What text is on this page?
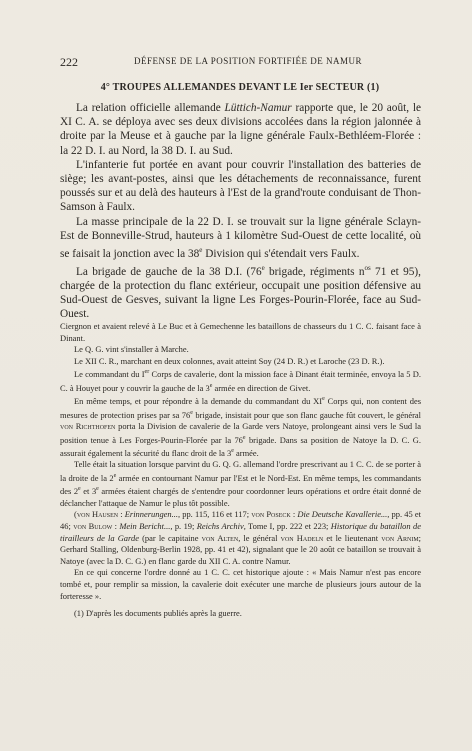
222	DÉFENSE DE LA POSITION FORTIFIÉE DE NAMUR
4° TROUPES ALLEMANDES DEVANT LE Ier SECTEUR (1)

La relation officielle allemande Lüttich-Namur rapporte que, le 20 août, le XI C. A. se déploya avec ses deux divisions accolées dans la région jalonnée à droite par la Meuse et à gauche par la ligne générale Faulx-Bethléem-Florée : la 22 D. I. au Nord, la 38 D. I. au Sud.

L'infanterie fut portée en avant pour couvrir l'installation des batteries de siège; les avant-postes, ainsi que les détachements de reconnaissance, furent poussés sur et au delà des hauteurs à l'Est de la grand'route conduisant de Thon-Samson à Faulx.

La masse principale de la 22 D. I. se trouvait sur la ligne générale Sclayn-Est de Bonneville-Strud, hauteurs à 1 kilomètre Sud-Ouest de cette localité, où se faisait la jonction avec la 38e Division qui s'étendait vers Faulx.

La brigade de gauche de la 38 D.I. (76e brigade, régiments $n^{os}$ 71 et 95), chargée de la protection du flanc extérieur, occupait une position défensive au Sud-Ouest de Gesves, suivant la ligne Les Forges-Pourin-Florée, face au Sud-Ouest.

Ciergnon et avaient relevé à Le Buc et à Gemechenne les bataillons de chasseurs du 1 C. C. faisant face à Dinant.

Le Q. G. vint s'installer à Marche.

Le XII C. R., marchant en deux colonnes, avait atteint Soy (24 D. R.) et Laroche (23 D. R.).

Le commandant du Ier Corps de cavalerie, dont la mission face à Dinant était terminée, envoya la 5 D. C. à Houyet pour y couvrir la gauche de la 3e armée en direction de Givet.

En même temps, et pour répondre à la demande du commandant du XIe Corps qui, non content des mesures de protection prises par sa 76e brigade, insistait pour que son flanc gauche fût couvert, le général von Richthofen porta la Division de cavalerie de la Garde vers Natoye, prolongeant ainsi vers le Sud la position tenue à Les Forges-Pourin-Florée par la 76e brigade. Dans sa position de Natoye la D. C. G. assurait également la sécurité du flanc droit de la 3e armée.

Telle était la situation lorsque parvint du G. Q. G. allemand l'ordre prescrivant au 1 C. C. de se porter à la droite de la 2e armée en contournant Namur par l'Est et le Nord-Est. En même temps, les commandants des 2e et 3e armées étaient chargés de s'entendre pour coordonner leurs opérations et ordre était donné de déclancher l'attaque de Namur le plus tôt possible.

(von Hausen : Erinnerungen..., pp. 115, 116 et 117; von Poseck : Die Deutsche Kavallerie..., pp. 45 et 46; von Bulow : Mein Bericht..., p. 19; Reichs Archiv, Tome I, pp. 222 et 223; Historique du bataillon de tirailleurs de la Garde (par le capitaine von Alten, le général von Hadeln et le lieutenant von Arnim; Gerhard Stalling, Oldenburg-Berlin 1928, pp. 41 et 42), signalant que le 20 août ce bataillon se trouvait à Natoye (avec la D. C. G.) en flanc garde du XII C. A. contre Namur.

En ce qui concerne l'ordre donné au 1 C. C. cet historique ajoute : « Mais Namur n'est pas encore tombé et, pour remplir sa mission, la cavalerie doit exécuter une marche de plusieurs jours autour de la forteresse ».

(1) D'après les documents publiés après la guerre.
